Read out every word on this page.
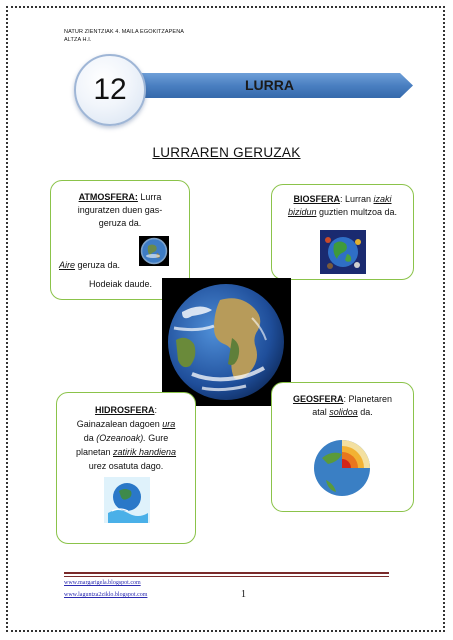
NATUR ZIENTZIAK 4. MAILA EGOKITZAPENA
ALTZA H.I.
LURRA
12
LURRAREN GERUZAK
ATMOSFERA: Lurra
inguratzen duen gas-
geruza da.
Aire geruza da.
Hodeiak daude.
BIOSFERA: Lurran izaki
bizidun guztien multzoa da.
HIDROSFERA:
Gainazalean dagoen ura
da (Ozeanoak). Gure
planetan zatirik handiena
urez osatuta dago.
GEOSFERA: Planetaren
atal solidoa da.
www.margarigela.blogspot.com
www.laguntza2ziklo.blogspot.com	1
